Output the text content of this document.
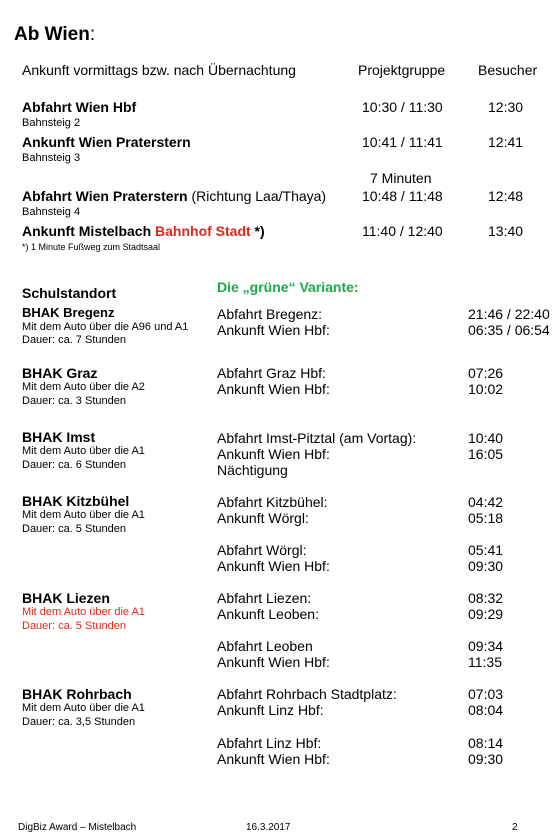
Ab Wien:
Ankunft vormittags bzw. nach Übernachtung	Projektgruppe Besucher
Abfahrt Wien Hbf	10:30 / 11:30	12:30
Bahnsteig 2
Ankunft Wien Praterstern	10:41 / 11:41	12:41
Bahnsteig 3
7 Minuten
Abfahrt Wien Praterstern (Richtung Laa/Thaya)	10:48 / 11:48	12:48
Bahnsteig 4
Ankunft Mistelbach Bahnhof Stadt *)	11:40 / 12:40	13:40
*) 1 Minute Fußweg zum Stadtsaal
Schulstandort	Die „grüne“ Variante:
BHAK Bregenz
Mit dem Auto über die A96 und A1
Dauer: ca. 7 Stunden
Abfahrt Bregenz:	21:46 / 22:40
Ankunft Wien Hbf:	06:35 / 06:54
BHAK Graz
Mit dem Auto über die A2
Dauer: ca. 3 Stunden
Abfahrt Graz Hbf:	07:26
Ankunft Wien Hbf:	10:02
BHAK Imst
Mit dem Auto über die A1
Dauer: ca. 6 Stunden
Abfahrt Imst-Pitztal (am Vortag):	10:40
Ankunft Wien Hbf:	16:05
Nächtigung
BHAK Kitzbühel
Mit dem Auto über die A1
Dauer: ca. 5 Stunden
Abfahrt Kitzbühel:	04:42
Ankunft Wörgl:	05:18
Abfahrt Wörgl:	05:41
Ankunft Wien Hbf:	09:30
BHAK Liezen
Mit dem Auto über die A1
Dauer: ca. 5 Stunden
Abfahrt Liezen:	08:32
Ankunft Leoben:	09:29
Abfahrt Leoben	09:34
Ankunft Wien Hbf:	11:35
BHAK Rohrbach
Mit dem Auto über die A1
Dauer: ca. 3,5 Stunden
Abfahrt Rohrbach Stadtplatz:	07:03
Ankunft Linz Hbf:	08:04
Abfahrt Linz Hbf:	08:14
Ankunft Wien Hbf:	09:30
DigBiz Award – Mistelbach	16.3.2017	2
